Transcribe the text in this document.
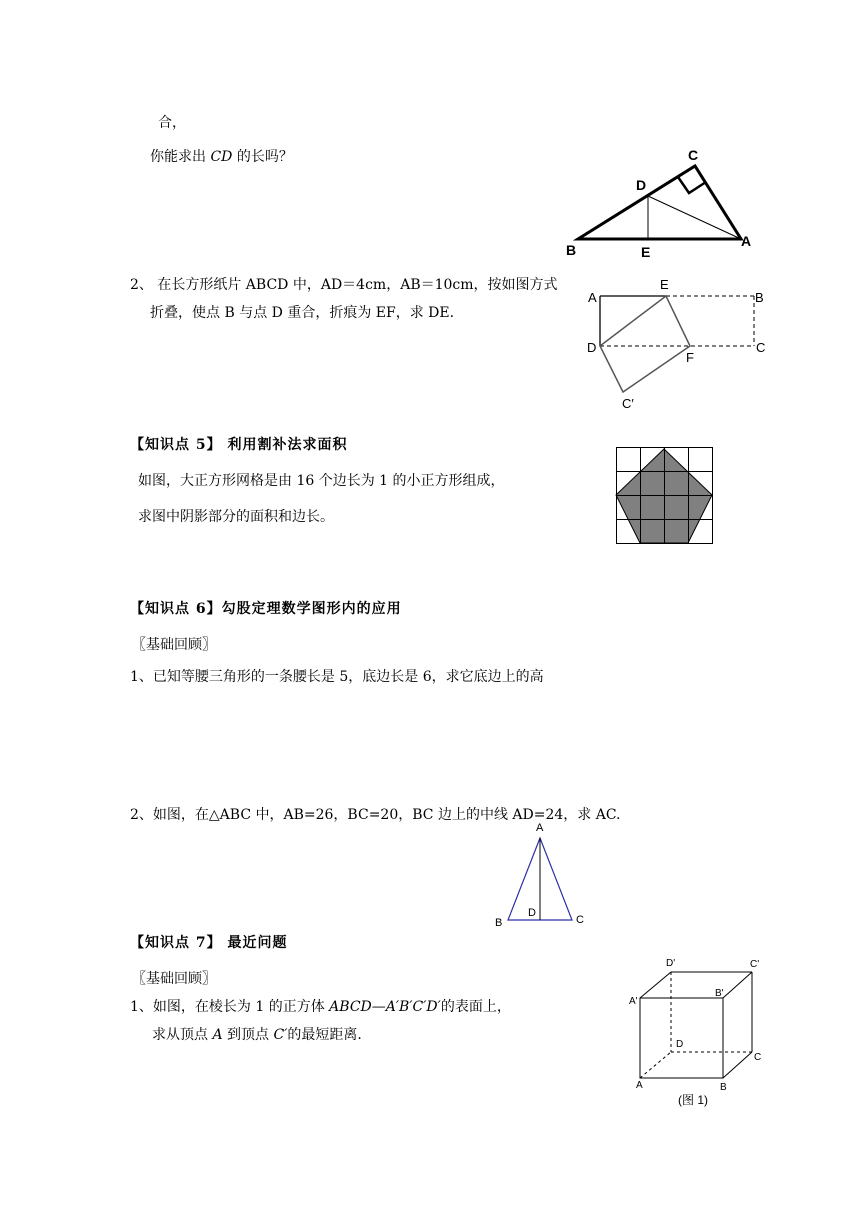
合，
你能求出 CD 的长吗？	C
D
B	E
A
2、 在长方形纸片 ABCD 中，AD＝4cm，AB＝10cm，按如图方式
折叠，使点 B 与点 D 重合，折痕为 EF，求 DE.
A
E
B
D
F
C
C′
【知识点 5】 利用割补法求面积
如图，大正方形网格是由 16 个边长为 1 的小正方形组成，
求图中阴影部分的面积和边长。
【知识点 6】勾股定理数学图形内的应用
〖基础回顾〗
1、已知等腰三角形的一条腰长是 5，底边长是 6，求它底边上的高
2、如图，在△ABC 中，AB=26，BC=20，BC 边上的中线 AD=24，求 AC.
A
B
D
C
【知识点 7】 最近问题
〖基础回顾〗
1、如图，在棱长为 1 的正方体 ABCD—A′B′C′D′的表面上，
求从顶点 A 到顶点 C′的最短距离.
D'	C'
A'
B'
D
C
A	B
(图 1)
